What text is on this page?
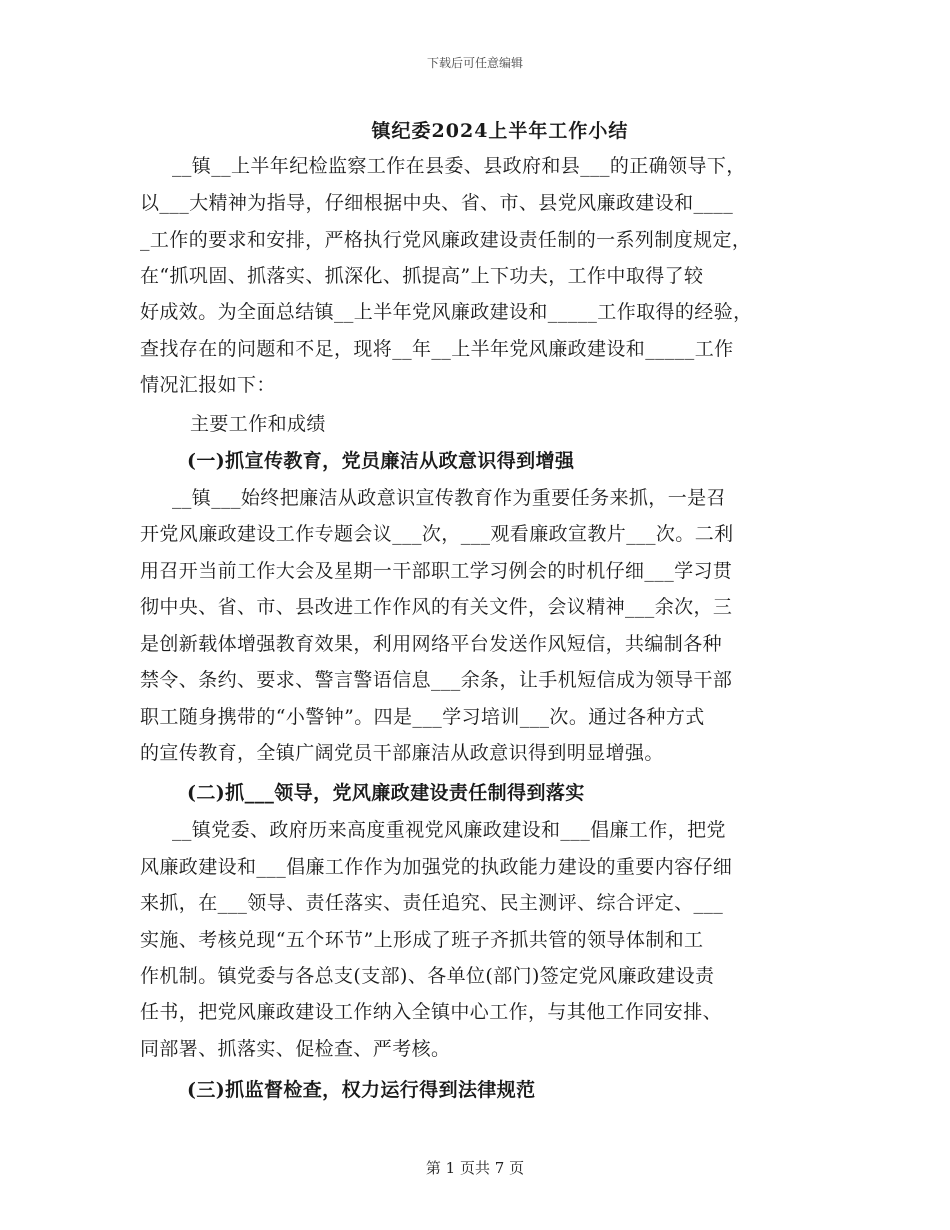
下载后可任意编辑
镇纪委2024上半年工作小结
__镇__上半年纪检监察工作在县委、县政府和县___的正确领导下，
以___大精神为指导，仔细根据中央、省、市、县党风廉政建设和____
_工作的要求和安排，严格执行党风廉政建设责任制的一系列制度规定，
在“抓巩固、抓落实、抓深化、抓提高”上下功夫，工作中取得了较
好成效。为全面总结镇__上半年党风廉政建设和_____工作取得的经验，
查找存在的问题和不足，现将__年__上半年党风廉政建设和_____工作
情况汇报如下：
主要工作和成绩
(一)抓宣传教育，党员廉洁从政意识得到增强
__镇___始终把廉洁从政意识宣传教育作为重要任务来抓，一是召
开党风廉政建设工作专题会议___次，___观看廉政宣教片___次。二利
用召开当前工作大会及星期一干部职工学习例会的时机仔细___学习贯
彻中央、省、市、县改进工作作风的有关文件，会议精神___余次，三
是创新载体增强教育效果，利用网络平台发送作风短信，共编制各种
禁令、条约、要求、警言警语信息___余条，让手机短信成为领导干部
职工随身携带的“小警钟”。四是___学习培训___次。通过各种方式
的宣传教育，全镇广阔党员干部廉洁从政意识得到明显增强。
(二)抓___领导，党风廉政建设责任制得到落实
__镇党委、政府历来高度重视党风廉政建设和___倡廉工作，把党
风廉政建设和___倡廉工作作为加强党的执政能力建设的重要内容仔细
来抓，在___领导、责任落实、责任追究、民主测评、综合评定、___
实施、考核兑现“五个环节”上形成了班子齐抓共管的领导体制和工
作机制。镇党委与各总支(支部)、各单位(部门)签定党风廉政建设责
任书，把党风廉政建设工作纳入全镇中心工作，与其他工作同安排、
同部署、抓落实、促检查、严考核。
(三)抓监督检查，权力运行得到法律规范
第 1 页共 7 页
